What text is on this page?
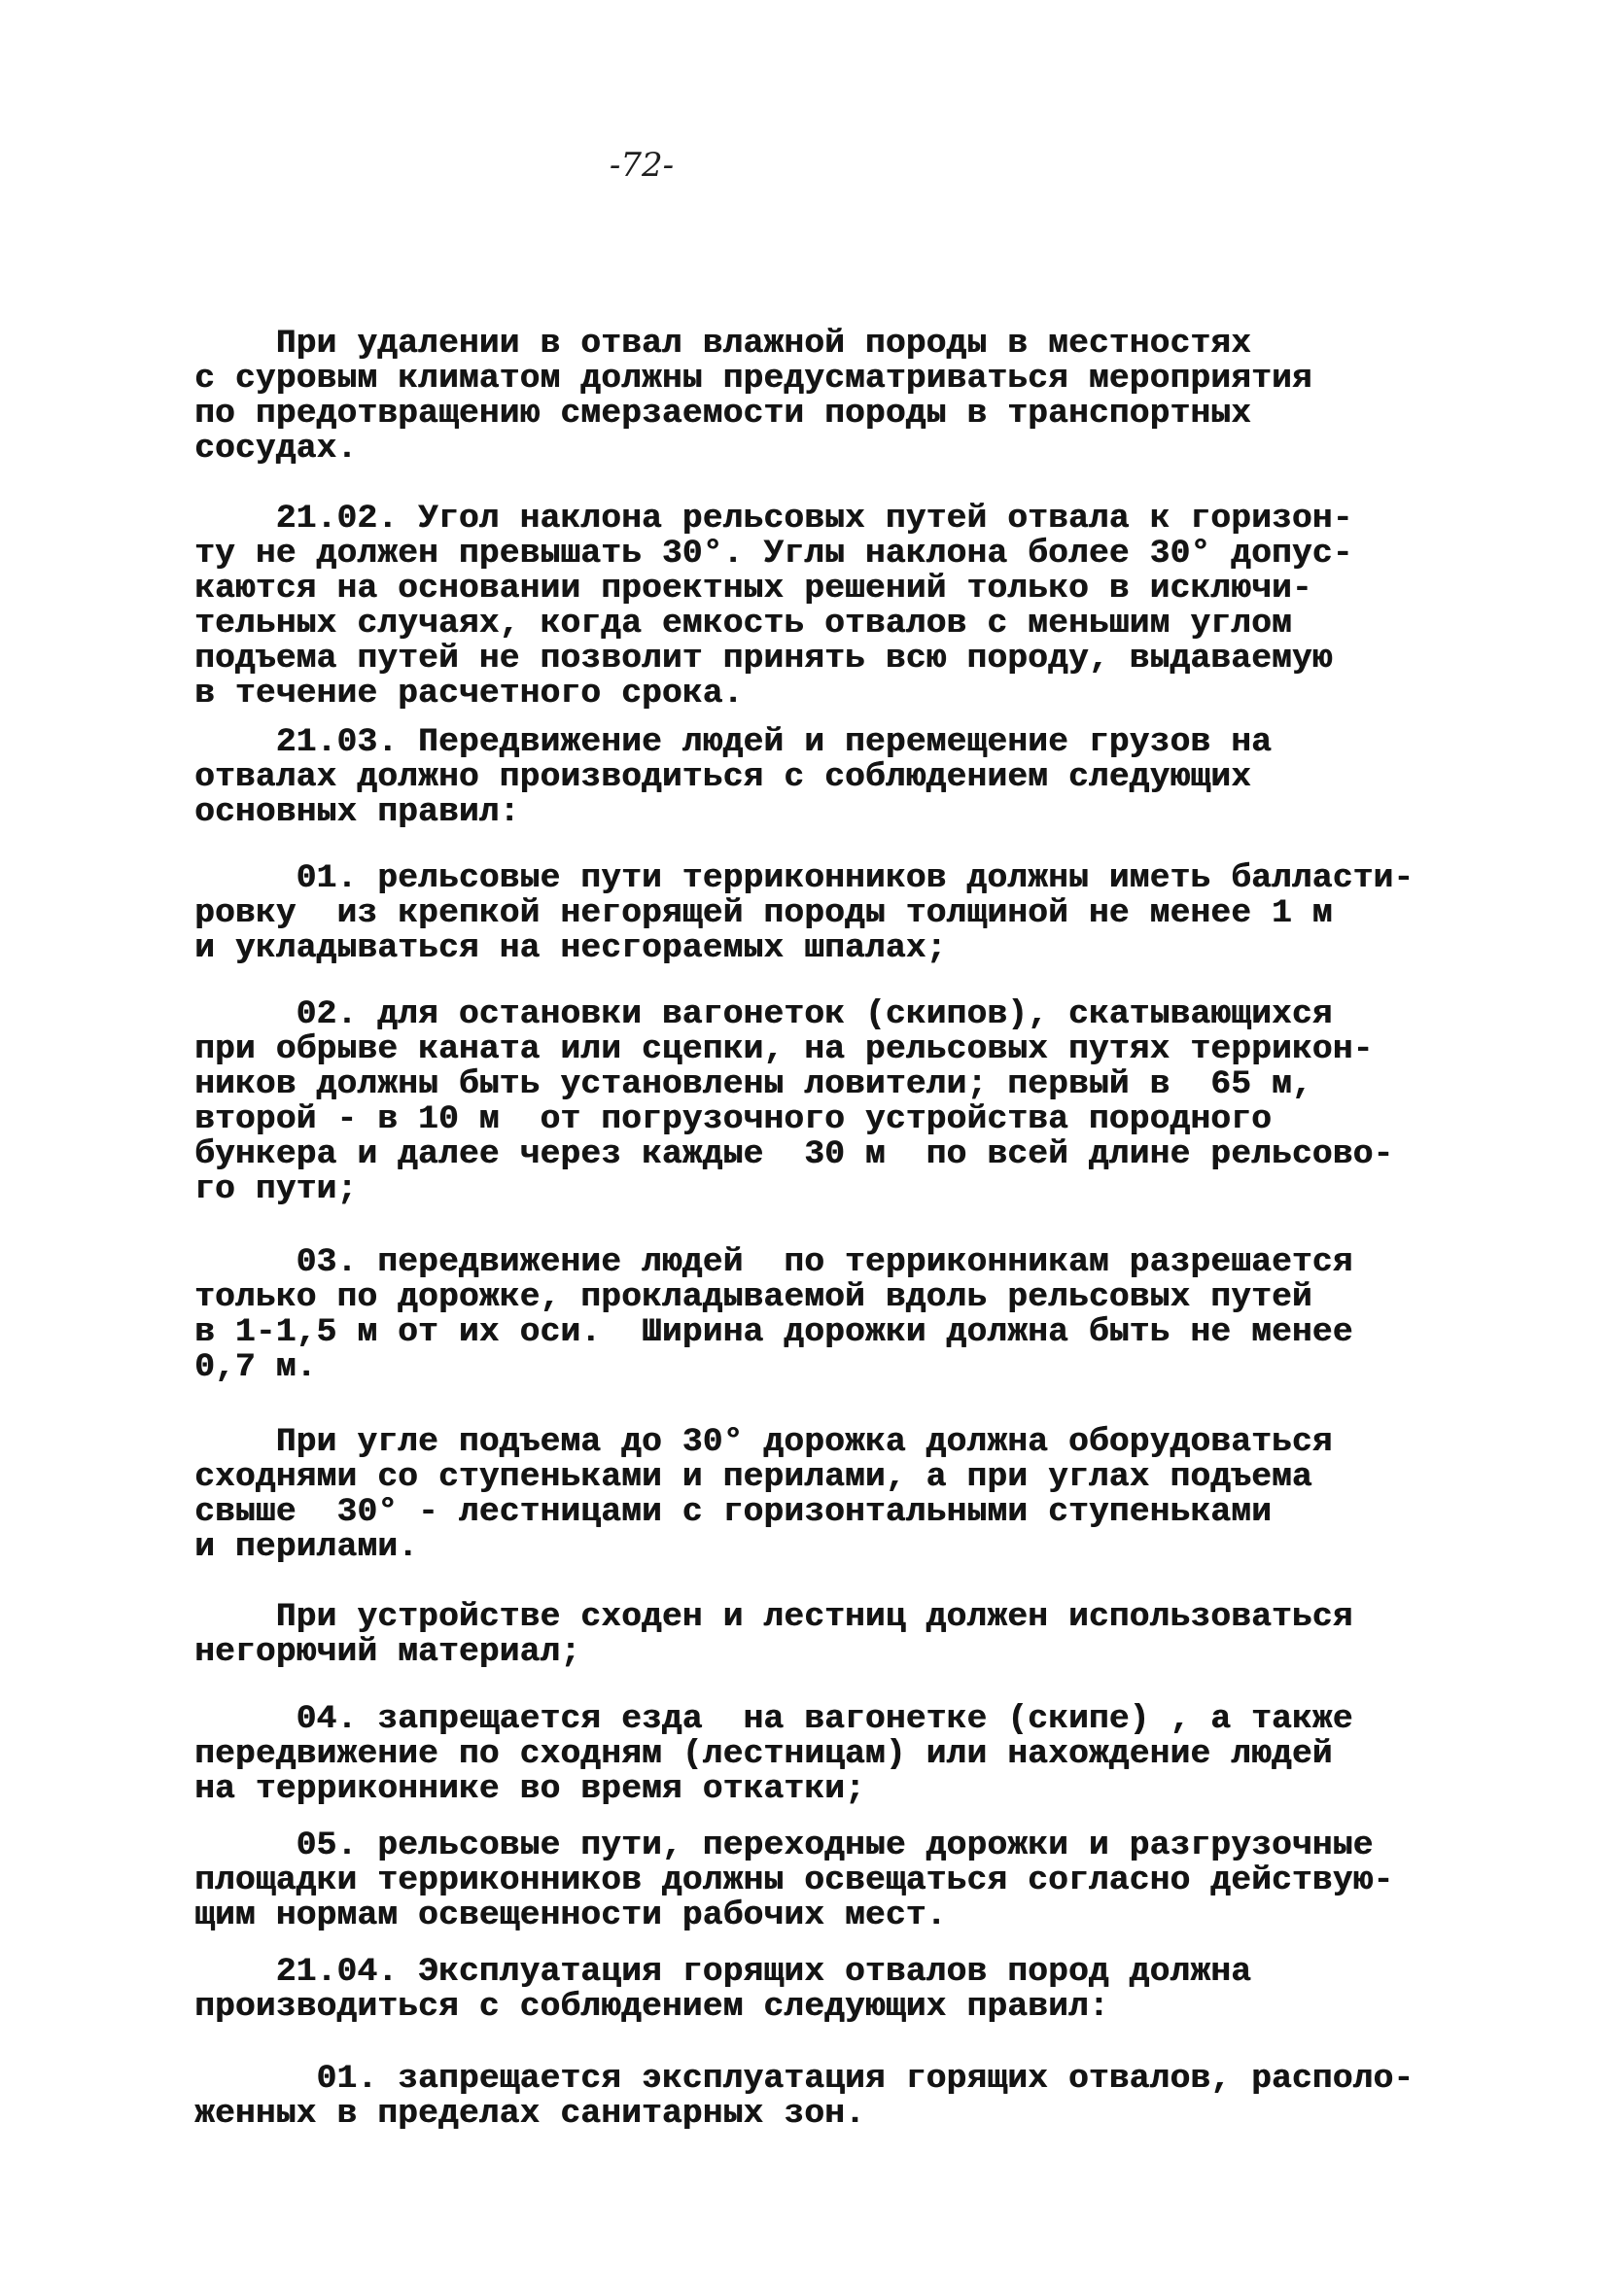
-72-
При удалении в отвал влажной породы в местностях
с суровым климатом должны предусматриваться мероприятия
по предотвращению смерзаемости породы в транспортных
сосудах.
21.02. Угол наклона рельсовых путей отвала к горизон-
ту не должен превышать 30°. Углы наклона более 30° допус-
каются на основании проектных решений только в исключи-
тельных случаях, когда емкость отвалов с меньшим углом
подъема путей не позволит принять всю породу, выдаваемую
в течение расчетного срока.
21.03. Передвижение людей и перемещение грузов на
отвалах должно производиться с соблюдением следующих
основных правил:
01. рельсовые пути терриконников должны иметь балласти-
ровку  из крепкой негорящей породы толщиной не менее 1 м
и укладываться на несгораемых шпалах;
02. для остановки вагонеток (скипов), скатывающихся
при обрыве каната или сцепки, на рельсовых путях террикон-
ников должны быть установлены ловители; первый в  65 м,
второй - в 10 м  от погрузочного устройства породного
бункера и далее через каждые  30 м  по всей длине рельсово-
го пути;
03. передвижение людей  по терриконникам разрешается
только по дорожке, прокладываемой вдоль рельсовых путей
в 1-1,5 м от их оси.  Ширина дорожки должна быть не менее
0,7 м.
При угле подъема до 30° дорожка должна оборудоваться
сходнями со ступеньками и перилами, а при углах подъема
свыше  30° - лестницами с горизонтальными ступеньками
и перилами.
При устройстве сходен и лестниц должен использоваться
негорючий материал;
04. запрещается езда  на вагонетке (скипе) , а также
передвижение по сходням (лестницам) или нахождение людей
на терриконнике во время откатки;
05. рельсовые пути, переходные дорожки и разгрузочные
площадки терриконников должны освещаться согласно действую-
щим нормам освещенности рабочих мест.
21.04. Эксплуатация горящих отвалов пород должна
производиться с соблюдением следующих правил:
01. запрещается эксплуатация горящих отвалов, располо-
женных в пределах санитарных зон.
